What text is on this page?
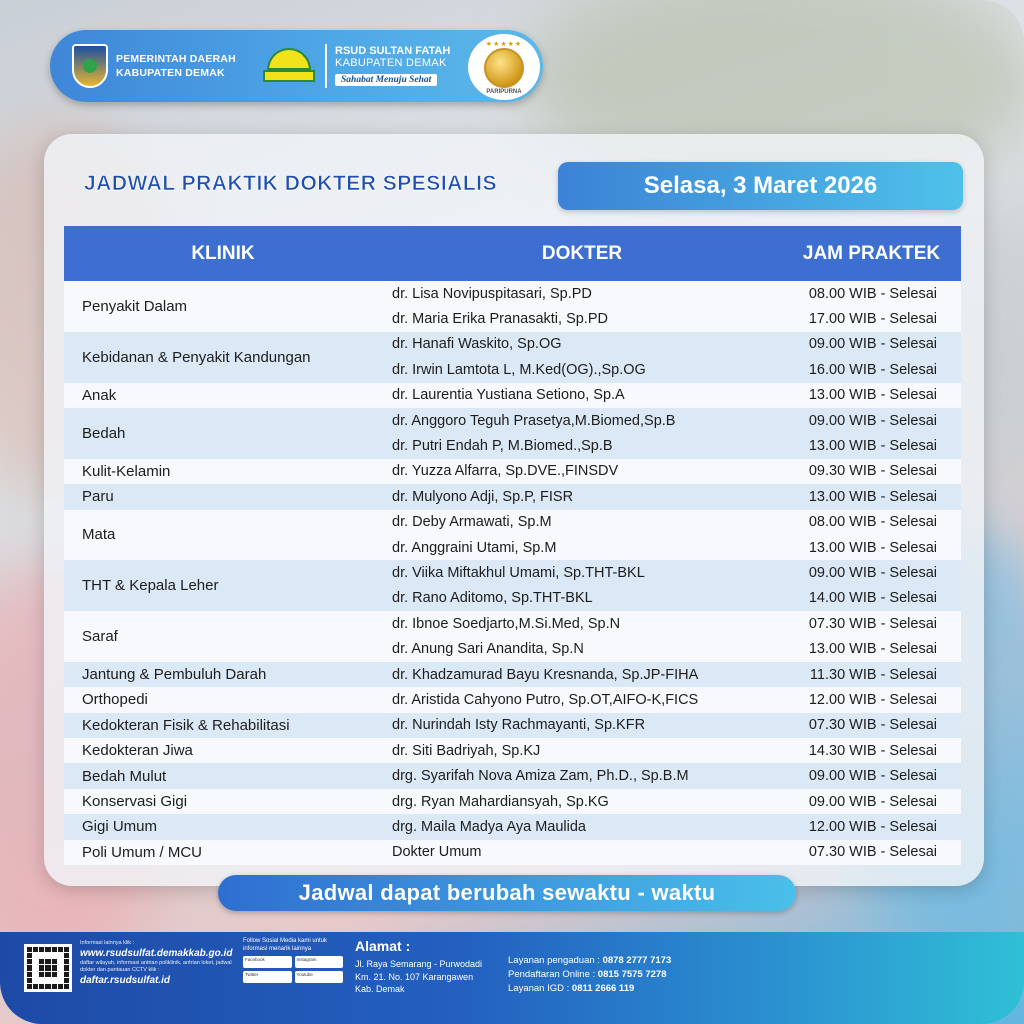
PEMERINTAH DAERAH
KABUPATEN DEMAK
RSUD SULTAN FATAH
KABUPATEN DEMAK
Sahabat Menuju Sehat
★★★★★
PARIPURNA
JADWAL PRAKTIK DOKTER SPESIALIS	Selasa, 3 Maret 2026
KLINIK	DOKTER	JAM PRAKTEK
Penyakit Dalam
dr. Lisa Novipuspitasari, Sp.PD	08.00 WIB - Selesai
dr. Maria Erika Pranasakti, Sp.PD	17.00 WIB - Selesai
Kebidanan & Penyakit Kandungan
dr. Hanafi Waskito, Sp.OG	09.00 WIB - Selesai
dr. Irwin Lamtota L, M.Ked(OG).,Sp.OG	16.00 WIB - Selesai
Anak	dr. Laurentia Yustiana Setiono, Sp.A	13.00 WIB - Selesai
Bedah
dr. Anggoro Teguh Prasetya,M.Biomed,Sp.B	09.00 WIB - Selesai
dr. Putri Endah P, M.Biomed.,Sp.B	13.00 WIB - Selesai
Kulit-Kelamin	dr. Yuzza Alfarra, Sp.DVE.,FINSDV	09.30 WIB - Selesai
Paru	dr. Mulyono Adji, Sp.P, FISR	13.00 WIB - Selesai
Mata
dr. Deby Armawati, Sp.M	08.00 WIB - Selesai
dr. Anggraini Utami, Sp.M	13.00 WIB - Selesai
THT & Kepala Leher
dr. Viika Miftakhul Umami, Sp.THT-BKL	09.00 WIB - Selesai
dr. Rano Aditomo, Sp.THT-BKL	14.00 WIB - Selesai
Saraf
dr. Ibnoe Soedjarto,M.Si.Med, Sp.N	07.30 WIB - Selesai
dr. Anung Sari Anandita, Sp.N	13.00 WIB - Selesai
Jantung & Pembuluh Darah	dr. Khadzamurad Bayu Kresnanda, Sp.JP-FIHA	11.30 WIB - Selesai
Orthopedi	dr. Aristida Cahyono Putro, Sp.OT,AIFO-K,FICS	12.00 WIB - Selesai
Kedokteran Fisik & Rehabilitasi	dr. Nurindah Isty Rachmayanti, Sp.KFR	07.30 WIB - Selesai
Kedokteran Jiwa	dr. Siti Badriyah, Sp.KJ	14.30 WIB - Selesai
Bedah Mulut	drg. Syarifah Nova Amiza Zam, Ph.D., Sp.B.M	09.00 WIB - Selesai
Konservasi Gigi	drg. Ryan Mahardiansyah, Sp.KG	09.00 WIB - Selesai
Gigi Umum	drg. Maila Madya Aya Maulida	12.00 WIB - Selesai
Poli Umum / MCU	Dokter Umum	07.30 WIB - Selesai
Jadwal dapat berubah sewaktu - waktu
Informasi lainnya klik :
www.rsudsulfat.demakkab.go.id
daftar wilayah, informasi antrian poliklinik, antrian loket, jadwal dokter dan pantauan CCTV klik :
daftar.rsudsulfat.id
Follow Sosial Media kami untuk informasi menarik lainnya
Facebook	Instagram
Twitter	Youtube
Alamat :
Jl. Raya Semarang - Purwodadi
Km. 21. No. 107 Karangawen
Kab. Demak
Layanan pengaduan : 0878 2777 7173
Pendaftaran Online : 0815 7575 7278
Layanan IGD : 0811 2666 119
